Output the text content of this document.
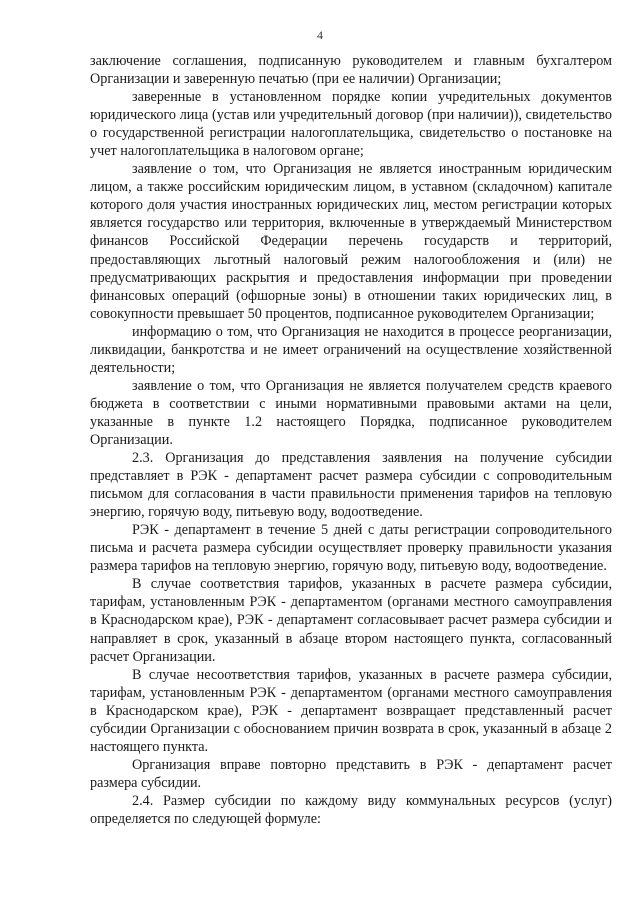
4

заключение соглашения, подписанную руководителем и главным бухгалтером Организации и заверенную печатью (при ее наличии) Организации;

заверенные в установленном порядке копии учредительных документов юридического лица (устав или учредительный договор (при наличии)), свидетельство о государственной регистрации налогоплательщика, свидетельство о постановке на учет налогоплательщика в налоговом органе;

заявление о том, что Организация не является иностранным юридическим лицом, а также российским юридическим лицом, в уставном (складочном) капитале которого доля участия иностранных юридических лиц, местом регистрации которых является государство или территория, включенные в утверждаемый Министерством финансов Российской Федерации перечень государств и территорий, предоставляющих льготный налоговый режим налогообложения и (или) не предусматривающих раскрытия и предоставления информации при проведении финансовых операций (офшорные зоны) в отношении таких юридических лиц, в совокупности превышает 50 процентов, подписанное руководителем Организации;

информацию о том, что Организация не находится в процессе реорганизации, ликвидации, банкротства и не имеет ограничений на осуществление хозяйственной деятельности;

заявление о том, что Организация не является получателем средств краевого бюджета в соответствии с иными нормативными правовыми актами на цели, указанные в пункте 1.2 настоящего Порядка, подписанное руководителем Организации.

2.3. Организация до представления заявления на получение субсидии представляет в РЭК - департамент расчет размера субсидии с сопроводительным письмом для согласования в части правильности применения тарифов на тепловую энергию, горячую воду, питьевую воду, водоотведение.

РЭК - департамент в течение 5 дней с даты регистрации сопроводительного письма и расчета размера субсидии осуществляет проверку правильности указания размера тарифов на тепловую энергию, горячую воду, питьевую воду, водоотведение.

В случае соответствия тарифов, указанных в расчете размера субсидии, тарифам, установленным РЭК - департаментом (органами местного самоуправления в Краснодарском крае), РЭК - департамент согласовывает расчет размера субсидии и направляет в срок, указанный в абзаце втором настоящего пункта, согласованный расчет Организации.

В случае несоответствия тарифов, указанных в расчете размера субсидии, тарифам, установленным РЭК - департаментом (органами местного самоуправления в Краснодарском крае), РЭК - департамент возвращает представленный расчет субсидии Организации с обоснованием причин возврата в срок, указанный в абзаце 2 настоящего пункта.

Организация вправе повторно представить в РЭК - департамент расчет размера субсидии.

2.4. Размер субсидии по каждому виду коммунальных ресурсов (услуг) определяется по следующей формуле:
